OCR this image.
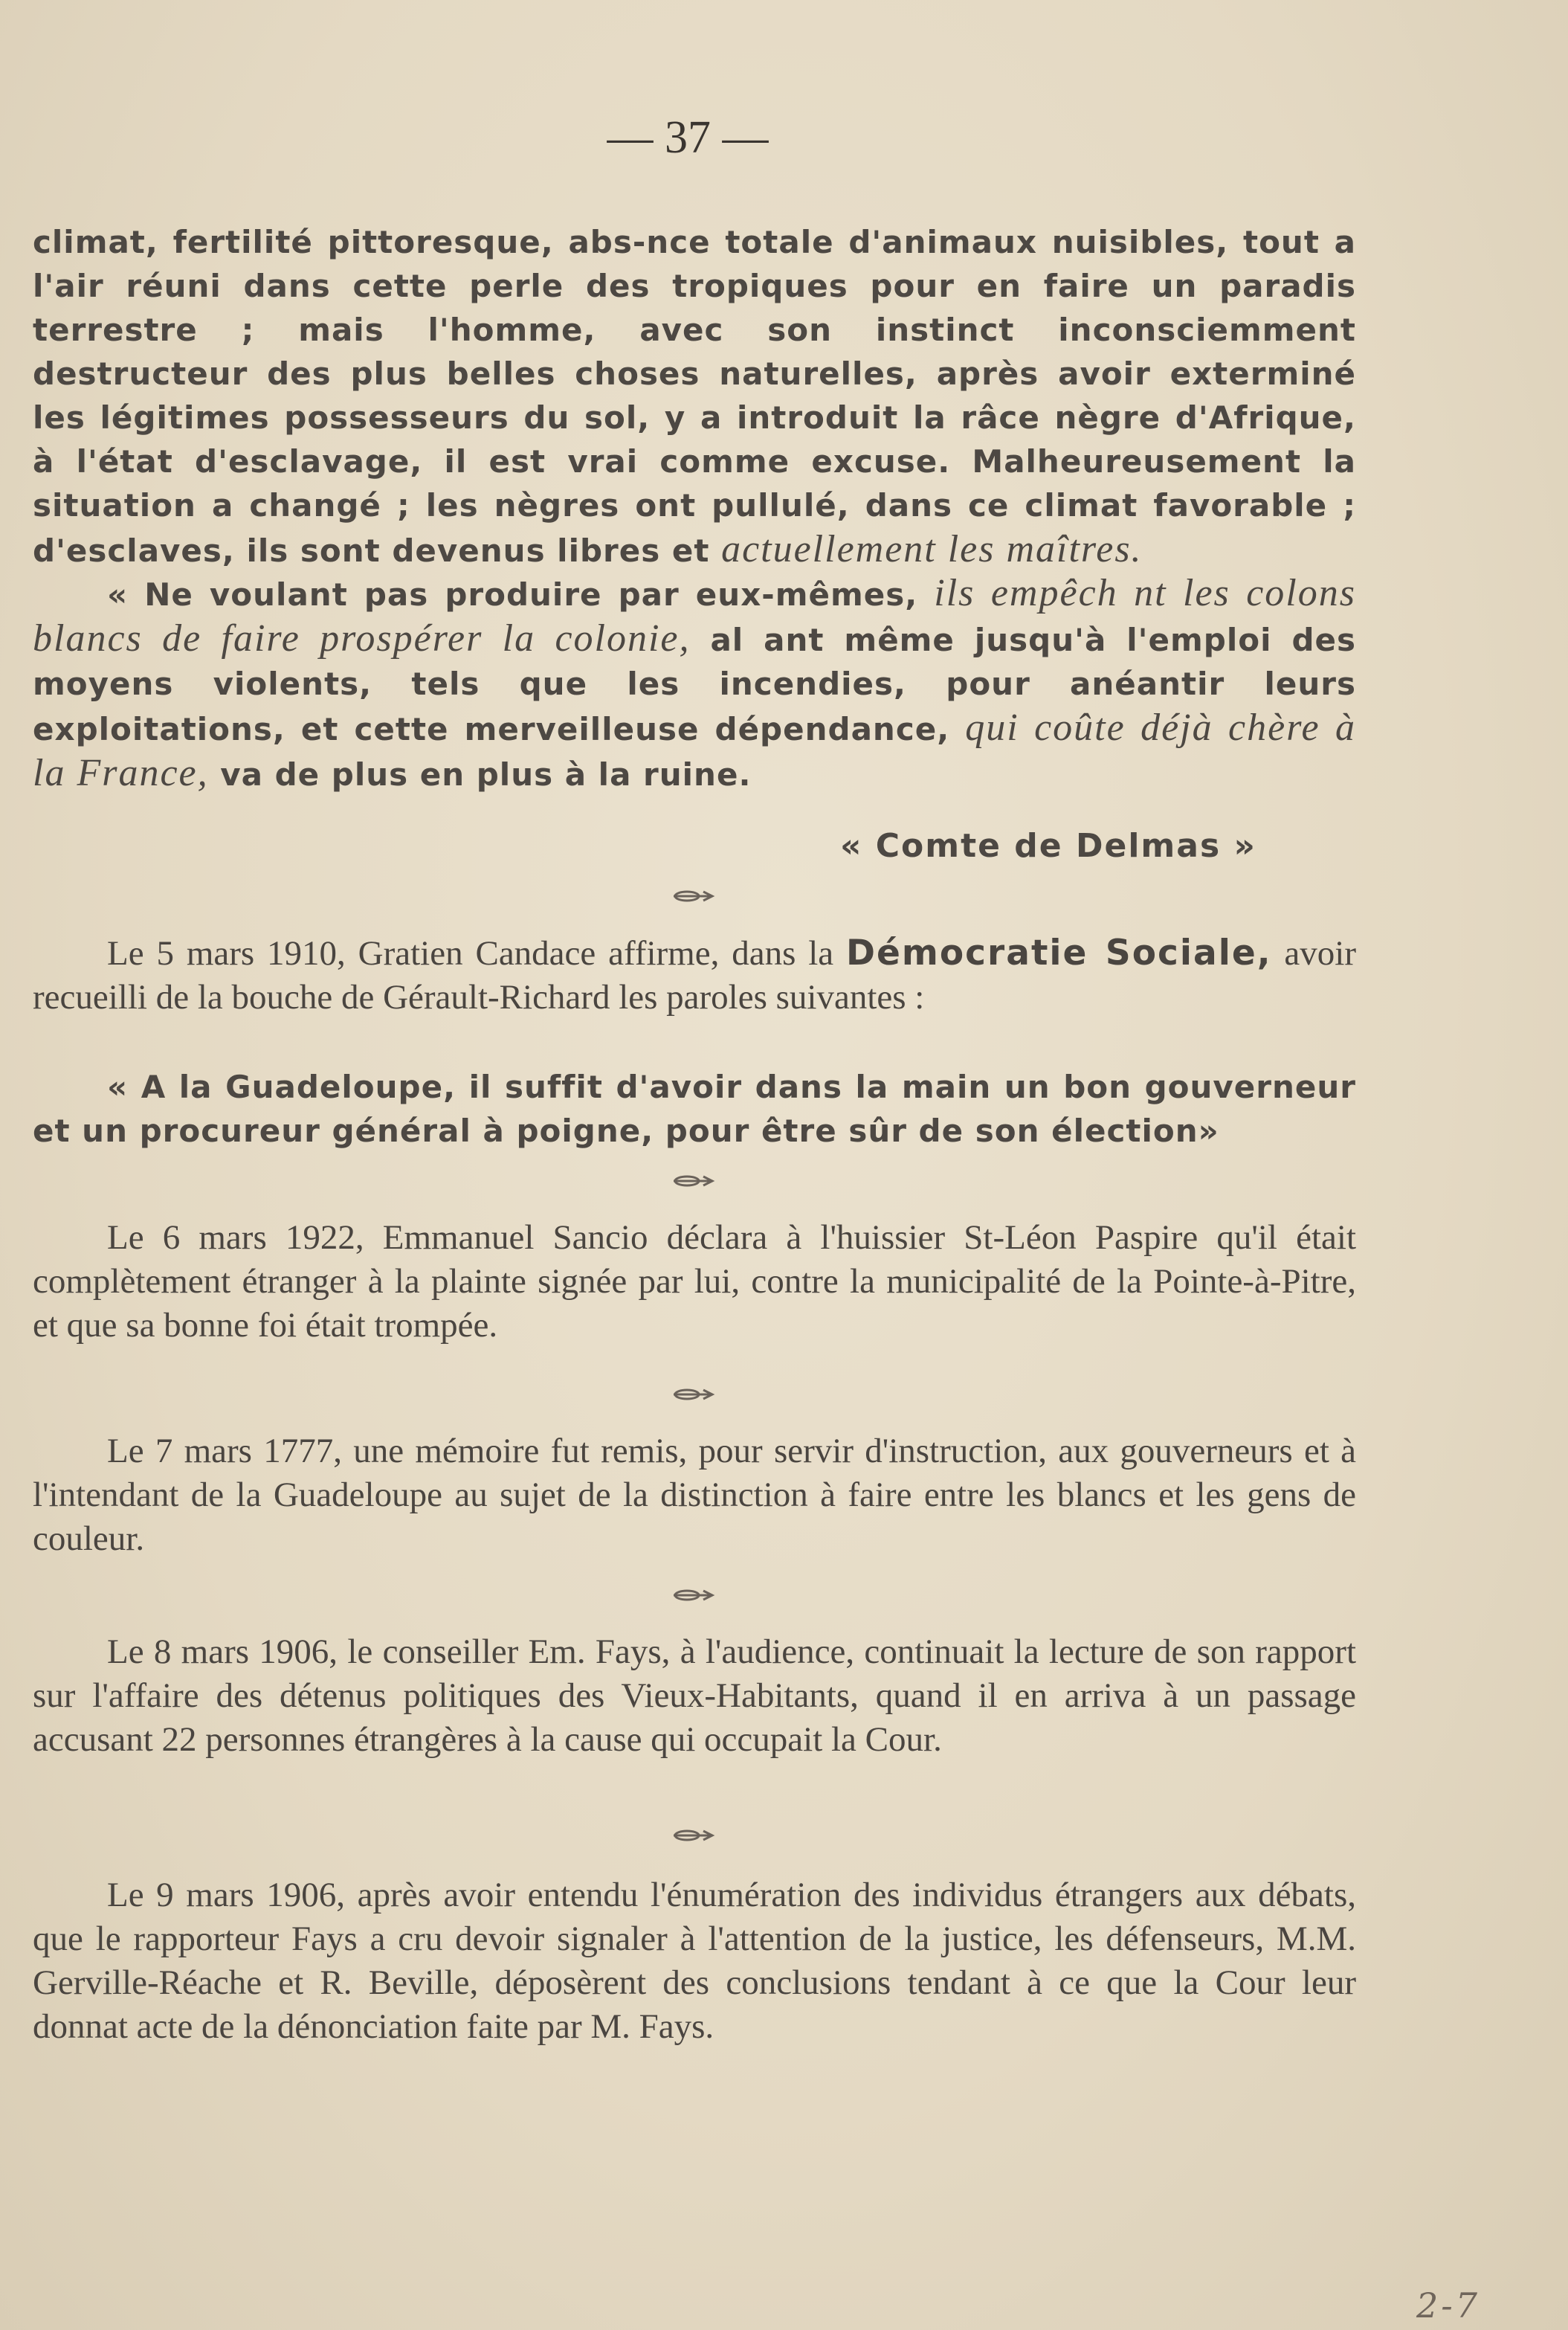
— 37 —
climat, fertilité pittoresque, abs-nce totale d'animaux nuisibles, tout a l'air réuni dans cette perle des tropiques pour en faire un paradis terrestre ; mais l'homme, avec son instinct inconsciemment destructeur des plus belles choses naturelles, après avoir exterminé les légitimes possesseurs du sol, y a introduit la râce nègre d'Afrique, à l'état d'esclavage, il est vrai comme excuse. Malheureusement la situation a changé ; les nègres ont pullulé, dans ce climat favorable ; d'esclaves, ils sont devenus libres et actuellement les maîtres.
« Ne voulant pas produire par eux-mêmes, ils empêch nt les colons blancs de faire prospérer la colonie, al ant même jusqu'à l'emploi des moyens violents, tels que les incendies, pour anéantir leurs exploitations, et cette merveilleuse dépendance, qui coûte déjà chère à la France, va de plus en plus à la ruine.
« Comte de Delmas »
Le 5 mars 1910, Gratien Candace affirme, dans la Démocratie Sociale, avoir recueilli de la bouche de Gérault-Richard les paroles suivantes :
« A la Guadeloupe, il suffit d'avoir dans la main un bon gouverneur et un procureur général à poigne, pour être sûr de son élection»
Le 6 mars 1922, Emmanuel Sancio déclara à l'huissier St-Léon Paspire qu'il était complètement étranger à la plainte signée par lui, contre la municipalité de la Pointe-à-Pitre, et que sa bonne foi était trompée.
Le 7 mars 1777, une mémoire fut remis, pour servir d'instruction, aux gouverneurs et à l'intendant de la Guadeloupe au sujet de la distinction à faire entre les blancs et les gens de couleur.
Le 8 mars 1906, le conseiller Em. Fays, à l'audience, continuait la lecture de son rapport sur l'affaire des détenus politiques des Vieux-Habitants, quand il en arriva à un passage accusant 22 personnes étrangères à la cause qui occupait la Cour.
Le 9 mars 1906, après avoir entendu l'énumération des individus étrangers aux débats, que le rapporteur Fays a cru devoir signaler à l'attention de la justice, les défenseurs, M.M. Gerville-Réache et R. Beville, déposèrent des conclusions tendant à ce que la Cour leur donnat acte de la dénonciation faite par M. Fays.
2-7
